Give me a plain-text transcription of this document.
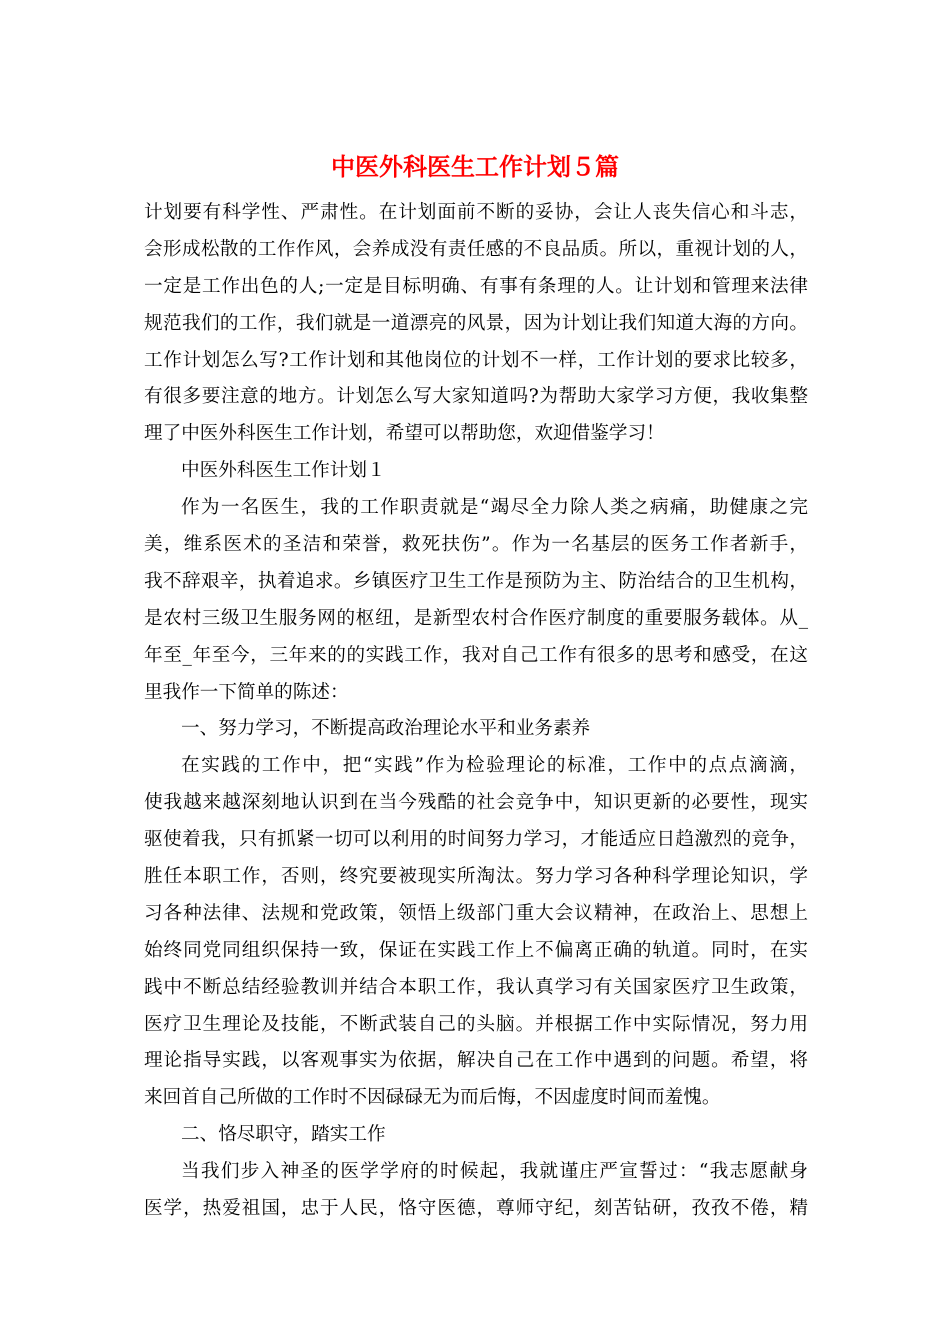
中医外科医生工作计划５篇

计划要有科学性、严肃性。在计划面前不断的妥协，会让人丧失信心和斗志，

会形成松散的工作作风，会养成没有责任感的不良品质。所以，重视计划的人，

一定是工作出色的人;一定是目标明确、有事有条理的人。让计划和管理来法律

规范我们的工作，我们就是一道漂亮的风景，因为计划让我们知道大海的方向。

工作计划怎么写?工作计划和其他岗位的计划不一样，工作计划的要求比较多，

有很多要注意的地方。计划怎么写大家知道吗?为帮助大家学习方便，我收集整

理了中医外科医生工作计划，希望可以帮助您，欢迎借鉴学习！

中医外科医生工作计划１

作为一名医生，我的工作职责就是“竭尽全力除人类之病痛，助健康之完

美，维系医术的圣洁和荣誉，救死扶伤”。作为一名基层的医务工作者新手，

我不辞艰辛，执着追求。乡镇医疗卫生工作是预防为主、防治结合的卫生机构，

是农村三级卫生服务网的枢纽，是新型农村合作医疗制度的重要服务载体。从_

年至_年至今，三年来的的实践工作，我对自己工作有很多的思考和感受，在这

里我作一下简单的陈述：

一、努力学习，不断提高政治理论水平和业务素养

在实践的工作中，把“实践”作为检验理论的标准，工作中的点点滴滴，

使我越来越深刻地认识到在当今残酷的社会竞争中，知识更新的必要性，现实

驱使着我，只有抓紧一切可以利用的时间努力学习，才能适应日趋激烈的竞争，

胜任本职工作，否则，终究要被现实所淘汰。努力学习各种科学理论知识，学

习各种法律、法规和党政策，领悟上级部门重大会议精神，在政治上、思想上

始终同党同组织保持一致，保证在实践工作上不偏离正确的轨道。同时，在实

践中不断总结经验教训并结合本职工作，我认真学习有关国家医疗卫生政策，

医疗卫生理论及技能，不断武装自己的头脑。并根据工作中实际情况，努力用

理论指导实践，以客观事实为依据，解决自己在工作中遇到的问题。希望，将

来回首自己所做的工作时不因碌碌无为而后悔，不因虚度时间而羞愧。

二、恪尽职守，踏实工作

当我们步入神圣的医学学府的时候起，我就谨庄严宣誓过：“我志愿献身

医学，热爱祖国，忠于人民，恪守医德，尊师守纪，刻苦钻研，孜孜不倦，精
